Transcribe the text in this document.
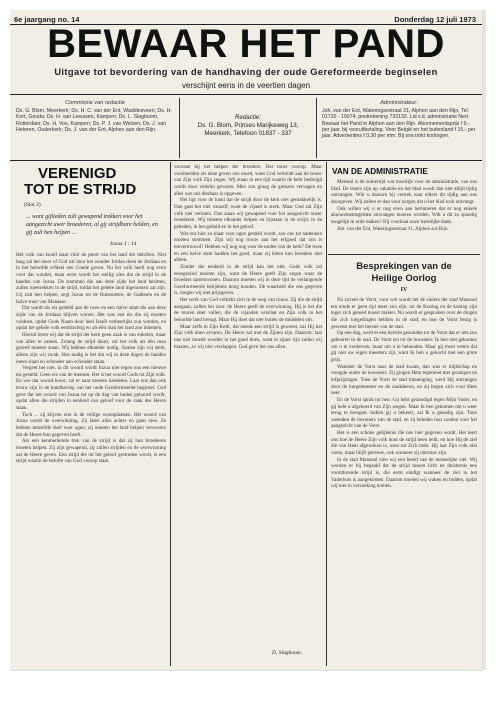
6e jaargang no. 14	Donderdag 12 juli 1973
BEWAAR HET PAND
Uitgave tot bevordering van de handhaving der oude Gereformeerde beginselen
verschijnt eens in de veertien dagen
Commissie van redactie
Ds. G. Blom, Meerkerk; Ds. H. C. van der Ent, Waddinxveen; Ds. H. Kort, Gouda; Ds. H. van Leeuwen, Kampen; Ds. L. Slagboom, Rotterdam; Ds. H. Vos, Kampen; Ds. P. J. van Welzen; Ds. J. van Heteren, Ouderkerk; Ds. J. van der Ent, Alphen aan den Rijn.
Redactie:
Ds. G. Blom, Prinses Marijkeweg 13,
Meerkerk, Telefoon 01837 - 337
Administrateur:
Joh. van der Ent, Wateringsestraat 31, Alphen aan den Rijn, Tel. 01720 - 19074, postrekening 733132. Lid v.d. administratie Ned. Bewaar het Pand in Alphen aan den Rijn. Abonnementsprijs f 9,- per jaar, bij vooruitbetaling. Voor België en het buitenland f 15,- per jaar. Advertenties f 0,30 per mm. Bij ons trokt kortingen.
VERENIGD
TOT DE STRIJD
(Slot 2)
... want gijlieden zult gewapend trekken voor het aangezicht uwer broederen, al gij strijdbare helden, en gij zult hen helpen ...
Jozua 1 : 14

Het volk van Israël staat vóór de poort van het land der beloften. Niet lang zal het meer of God zal door het wonder Jordan doen de Jordaan en in het beloofde erfdeel een Goede geven. Nu het volk heeft nog even voor dat wonder, maar eerst wordt het stellig zien dat de strijd in de handen van Jozua. De stammen die aan deze zijde het land bezitten, zullen meetrekken in de strijd, totdat het gehele land ingenomen zal zijn. Gij zult hen helpen, zegt Jozua tot de Rubenieten, de Gadieten en de halve stam van Manasse.

Dat wordt als eis gesteld aan de twee en een halve stam die aan deze zijde van de Jordaan blijven wonen. Het was een eis die zij moeten voldoen, opdat Gods Naam door heel Israël verheerlijkt zou worden, en opdat het gehele volk eendrachtig en als één man het land zou innemen.

Hieruit leren wij dat de strijd der kerk geen zaak is van enkelen, maar van allen te zamen. Zolang de strijd duurt, zal het volk als één man gereed moeten staan. Wij hebben elkander nodig. Samen zijn wij sterk, alleen zijn wij zwak. Hoe nodig is het dat wij in deze dagen de handen ineen slaan en schouder aan schouder staan.

Vergeet het niet, in dit woord wordt Jozua niet tegen ons een nieuwe eis gesteld. Geen eis van de mensen. Het is het woord Gods tot Zijn volk. En wie dat woord hoort, zal er naar moeten handelen. Laat ons dan ook trouw zijn in de handhaving van het oude Gereformeerde beginsel. God geve dat het woord van Jozua tot op de dag van heden gehoord wordt, opdat allen die strijden in eenheid van geloof voor de zaak des Heren staan.

Toch ... zij blijven niet in de veilige woonplaatsen. Het woord van Jozua wordt de overwinning. Zij laten alles achter en gaan mee. Ze hebben hetzelfde doel voor ogen; zij moeten het land helpen veroveren dat de Heere hun gegeven heeft.

Als een kenmerkende trek van de strijd is dat zij hun broederen moeten helpen. Zij zijn gewapend, zij zullen strijden en de overwinning zal de Heere geven. Een strijd die uit het geloof gestreden wordt, is een strijd waarin de belofte van God voorop staat.

vooraan bij het helpen der broeders. Dat moet voorop. Maar voorbeelden als deze geven ons moed, want God verbindt aan de trouw van Zijn volk Zijn zegen. Wij staan in een tijd waarin de kerk bedreigd wordt door velerlei gevaren. Men zou graag de grenzen vervagen en alles wat ons dierbaar is opgeven.

Het ligt voor de hand dat de strijd door de kerk niet gemakkelijk is. Dan gaat het niet vanzelf, want de vijand is sterk. Maar God zal Zijn volk niet verlaten. Dan staan wij gewapend voor het aangezicht onzer broederen. Wij moeten elkander helpen en bijstaan in de strijd, in de gebeden, in het geduld en in het geloof.

Wat ons hier zo klaar voor ogen gesteld wordt, zou ons tot nadenken moeten stemmen. Zijn wij nog trouw aan het erfgoed dat ons is toevertrouwd? Hebben wij nog oog voor de noden van de kerk? De twee en een halve stam hadden het goed, maar zij lieten hun broeders niet alleen.

Zonder die eenheid in de strijd kan het niet. Gods volk zal eensgezind moeten zijn, want de Heere geeft Zijn zegen waar de broeders samenwonen. Daarom moeten wij in deze tijd de verlangende Gereformeerde belijdenis hoog houden. De waarheid die ons gegeven is, mogen wij niet prijsgeven.

Het werk van God voltrekt zich in de weg van trouw. Zij die de strijd aangaan, zullen het zien: de Heere geeft de overwinning. Hij is het die de muren doet vallen, die de vijanden verslaat en Zijn volk in het beloofde land brengt. Maar Hij doet dat niet buiten de middelen om.

Maar zelfs in Zijn Kerk, dat steeds een strijd is geweest, zal Hij het Zijn volk doen ervaren. De Heere zal met de Zijnen zijn. Daarom: laat ons niet moede worden in het goed doen, want te zijner tijd zullen wij maaien, zo wij niet verslappen. God geve het ons allen.

D. Slagboom.
VAN DE ADMINISTRATIE

Meestal is de zomertijd wat moeilijk voor de administratie, van ons blad. De lezers zijn op vakantie en het blad wordt dan niet altijd tijdig ontvangen. Wilt u daarom bij vertrek naar elders dit tijdig aan ons doorgeven. Wij zullen er dan voor zorgen dat u het blad toch ontvangt.

Ook willen wij u er nog even aan herinneren dat er nog enkele abonnementsgelden ontvangen moeten worden. Wilt u dit zo spoedig mogelijk in orde maken? Bij voorbaat onze hartelijke dank.

Joh. van der Ent, Wateringsestraat 31, Alphen a/d Rijn.

Besprekingen van de
Heilige Oorlog
IV

Na zoveel de Vorst, voor wie wordt het de sluiers der stad Mansoul ten einde er geen tijd meer zou zijn, tot de Koning en de koning zijn leger zich gereed moest maken. Nu wordt er gesproken over de dingen die zich toegedragen hebben in de stad, en hoe de Vorst bezig is geweest met het herstel van de stad.

Op een dag, werd er een bericht gezonden tot de Vorst dat er iets zou gebeuren in de stad. De Vorst zei tot de inwoners: Ik ben niet gekomen om u te verderven, maar om u te behouden. Maar gij moet weten dat gij niet uw eigen meesters zijt, want Ik heb u gekocht met een grote prijs.

Wanneer de Vorst naar de stad kwam, dan was er blijdschap en vreugde onder de inwoners. Zij gingen Hem tegemoet met gezangen en lofprijzingen. Toen de Vorst de stad binnenging, werd Hij ontvangen door de burgemeester en de raadsheren, en zij bogen zich voor Hem neer.

En de Vorst sprak tot hen: Gij hebt gezondigd tegen Mijn Vader, en gij hebt u afgekeerd van Zijn wegen. Maar Ik ben gekomen om u weer terug te brengen. Indien gij u bekeert, zal Ik u genadig zijn. Toen weenden de inwoners van de stad, en zij beleden hun zonden voor het aangezicht van de Vorst.

Het is een schone gelijkenis die ons hier gegeven wordt. Het leert ons hoe de Heere Zijn volk door de strijd heen leidt, en hoe Hij de ziel die van Hem afgeweken is, weer tot Zich trekt. Hij laat Zijn volk niet varen, maar blijft getrouw, ook wanneer zij ontrouw zijn.

In de stad Mansoul zien wij een beeld van de menselijke ziel. Wij worden er bij bepaald dat de strijd tussen licht en duisternis een voortdurende strijd is, die eerst eindigt wanneer de ziel in het Vaderhuis is aangekomen. Daarom moeten wij waken en bidden, opdat wij niet in verzoeking komen.
